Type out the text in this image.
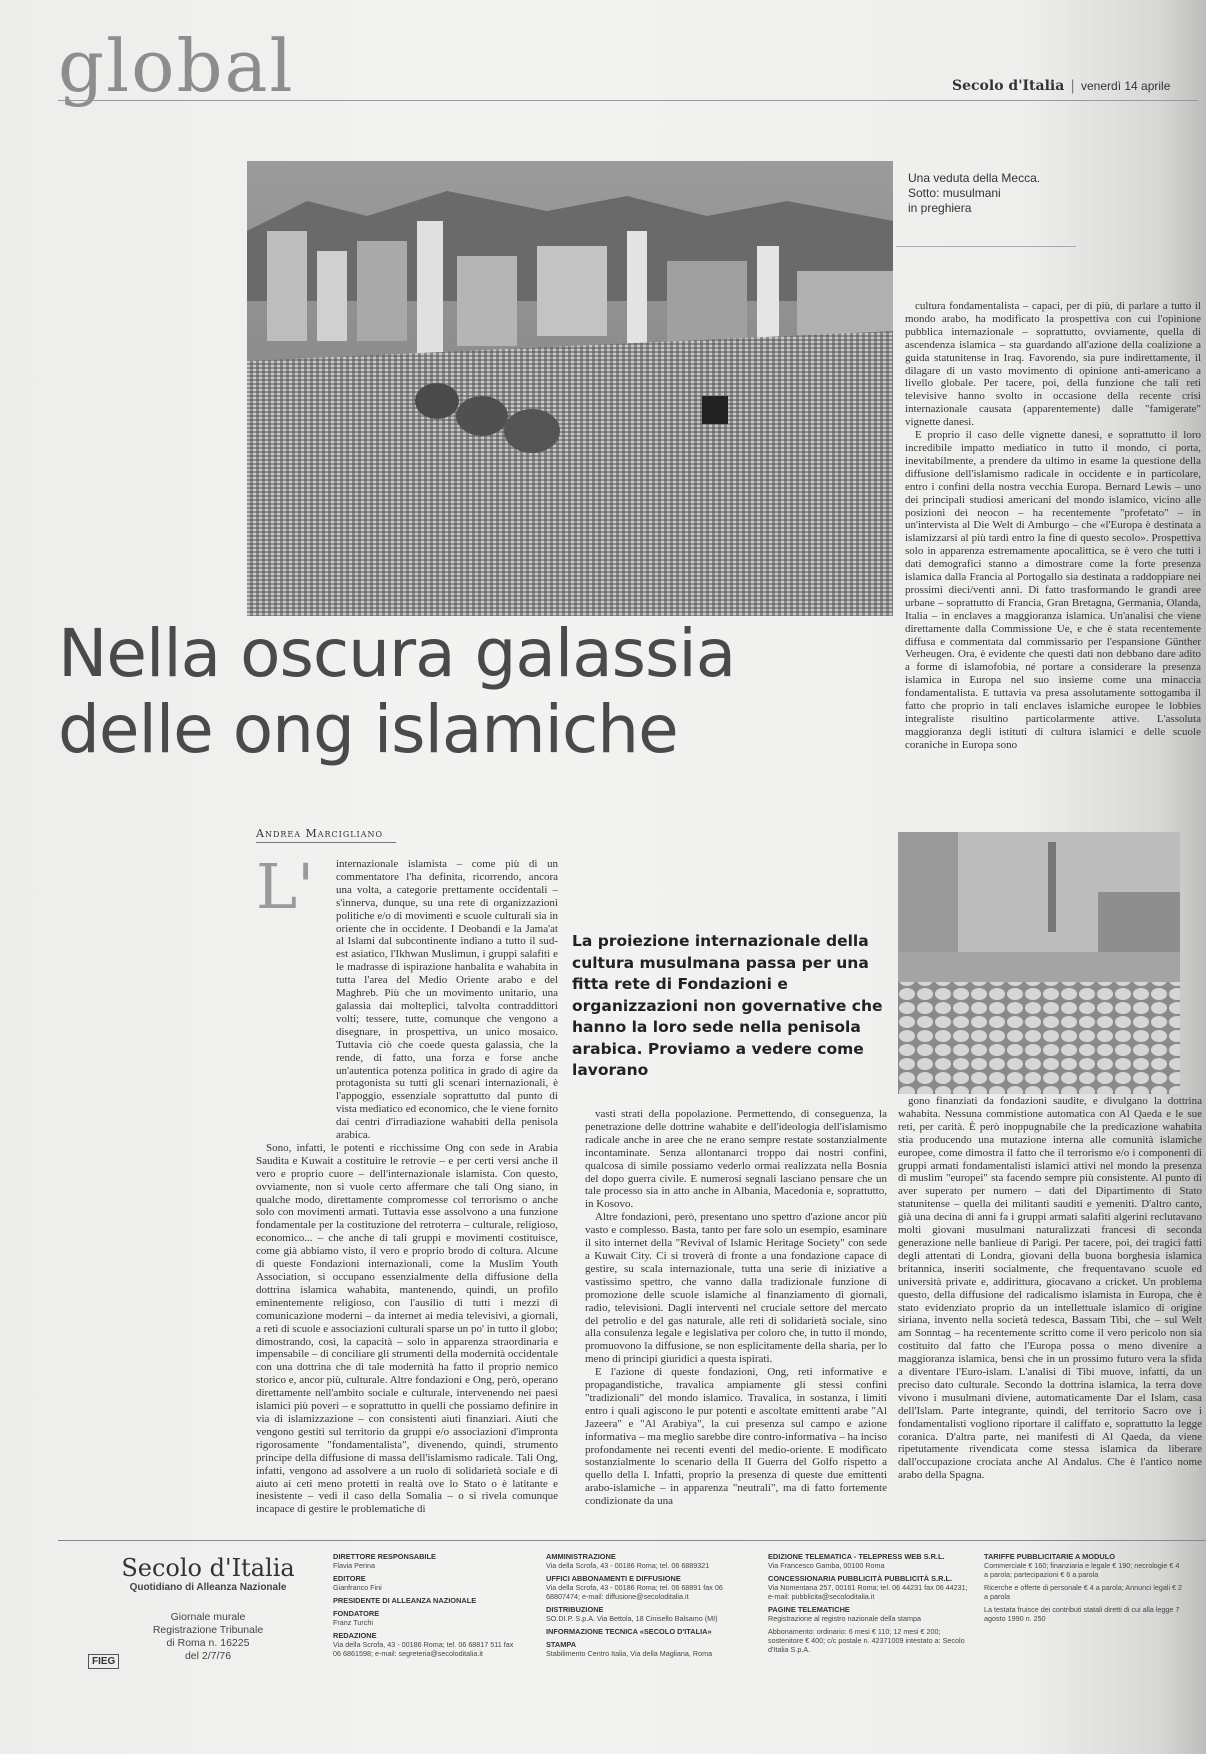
global	Secolo d'Italia | venerdì 14 aprile
Una veduta della Mecca.
Sotto: musulmani
in preghiera
Nella oscura galassia
delle ong islamiche
Andrea Marcigliano
L'	internazionale islamista – come più di un commentatore l'ha definita, ricorrendo, ancora una volta, a categorie prettamente occidentali – s'innerva, dunque, su una rete di organizzazioni politiche e/o di movimenti e scuole culturali sia in oriente che in occidente. I Deobandi e la Jama'at al Islami dal subcontinente indiano a tutto il sud-est asiatico, l'Ikhwan Muslimun, i gruppi salafiti e le madrasse di ispirazione hanbalita e wahabita in tutta l'area del Medio Oriente arabo e del Maghreb. Più che un movimento unitario, una galassia dai molteplici, talvolta contraddittori volti; tessere, tutte, comunque che vengono a disegnare, in prospettiva, un unico mosaico. Tuttavia ciò che coede questa galassia, che la rende, di fatto, una forza e forse anche un'autentica potenza politica in grado di agire da protagonista su tutti gli scenari internazionali, è l'appoggio, essenziale soprattutto dal punto di vista mediatico ed economico, che le viene fornito dai centri d'irradiazione wahabiti della penisola arabica.

Sono, infatti, le potenti e ricchissime Ong con sede in Arabia Saudita e Kuwait a costituire le retrovie – e per certi versi anche il vero e proprio cuore – dell'internazionale islamista. Con questo, ovviamente, non si vuole certo affermare che tali Ong siano, in qualche modo, direttamente compromesse col terrorismo o anche solo con movimenti armati. Tuttavia esse assolvono a una funzione fondamentale per la costituzione del retroterra – culturale, religioso, economico... – che anche di tali gruppi e movimenti costituisce, come già abbiamo visto, il vero e proprio brodo di coltura. Alcune di queste Fondazioni internazionali, come la Muslim Youth Association, si occupano essenzialmente della diffusione della dottrina islamica wahabita, mantenendo, quindi, un profilo eminentemente religioso, con l'ausilio di tutti i mezzi di comunicazione moderni – da internet ai media televisivi, a giornali, a reti di scuole e associazioni culturali sparse un po' in tutto il globo; dimostrando, così, la capacità – solo in apparenza straordinaria e impensabile – di conciliare gli strumenti della modernità occidentale con una dottrina che di tale modernità ha fatto il proprio nemico storico e, ancor più, culturale. Altre fondazioni e Ong, però, operano direttamente nell'ambito sociale e culturale, intervenendo nei paesi islamici più poveri – e soprattutto in quelli che possiamo definire in via di islamizzazione – con consistenti aiuti finanziari. Aiuti che vengono gestiti sul territorio da gruppi e/o associazioni d'impronta rigorosamente "fondamentalista", divenendo, quindi, strumento principe della diffusione di massa dell'islamismo radicale. Tali Ong, infatti, vengono ad assolvere a un ruolo di solidarietà sociale e di aiuto ai ceti meno protetti in realtà ove lo Stato o è latitante e inesistente – vedi il caso della Somalia – o si rivela comunque incapace di gestire le problematiche di

La proiezione internazionale della cultura musulmana passa per una fitta rete di Fondazioni e organizzazioni non governative che hanno la loro sede nella penisola arabica. Proviamo a vedere come lavorano

vasti strati della popolazione. Permettendo, di conseguenza, la penetrazione delle dottrine wahabite e dell'ideologia dell'islamismo radicale anche in aree che ne erano sempre restate sostanzialmente incontaminate. Senza allontanarci troppo dai nostri confini, qualcosa di simile possiamo vederlo ormai realizzata nella Bosnia del dopo guerra civile. E numerosi segnali lasciano pensare che un tale processo sia in atto anche in Albania, Macedonia e, soprattutto, in Kosovo.

Altre fondazioni, però, presentano uno spettro d'azione ancor più vasto e complesso. Basta, tanto per fare solo un esempio, esaminare il sito internet della "Revival of Islamic Heritage Society" con sede a Kuwait City. Ci si troverà di fronte a una fondazione capace di gestire, su scala internazionale, tutta una serie di iniziative a vastissimo spettro, che vanno dalla tradizionale funzione di promozione delle scuole islamiche al finanziamento di giornali, radio, televisioni. Dagli interventi nel cruciale settore del mercato del petrolio e del gas naturale, alle reti di solidarietà sociale, sino alla consulenza legale e legislativa per coloro che, in tutto il mondo, promuovono la diffusione, se non esplicitamente della sharia, per lo meno di principi giuridici a questa ispirati.

E l'azione di queste fondazioni, Ong, reti informative e propagandistiche, travalica ampiamente gli stessi confini "tradizionali" del mondo islamico. Travalica, in sostanza, i limiti entro i quali agiscono le pur potenti e ascoltate emittenti arabe "Al Jazeera" e "Al Arabiya", la cui presenza sul campo e azione informativa – ma meglio sarebbe dire contro-informativa – ha inciso profondamente nei recenti eventi del medio-oriente. E modificato sostanzialmente lo scenario della II Guerra del Golfo rispetto a quello della I. Infatti, proprio la presenza di queste due emittenti arabo-islamiche – in apparenza "neutrali", ma di fatto fortemente condizionate da una

cultura fondamentalista – capaci, per di più, di parlare a tutto il mondo arabo, ha modificato la prospettiva con cui l'opinione pubblica internazionale – soprattutto, ovviamente, quella di ascendenza islamica – sta guardando all'azione della coalizione a guida statunitense in Iraq. Favorendo, sia pure indirettamente, il dilagare di un vasto movimento di opinione anti-americano a livello globale. Per tacere, poi, della funzione che tali reti televisive hanno svolto in occasione della recente crisi internazionale causata (apparentemente) dalle "famigerate" vignette danesi.

E proprio il caso delle vignette danesi, e soprattutto il loro incredibile impatto mediatico in tutto il mondo, ci porta, inevitabilmente, a prendere da ultimo in esame la questione della diffusione dell'islamismo radicale in occidente e in particolare, entro i confini della nostra vecchia Europa. Bernard Lewis – uno dei principali studiosi americani del mondo islamico, vicino alle posizioni dei neocon – ha recentemente "profetato" – in un'intervista al Die Welt di Amburgo – che «l'Europa è destinata a islamizzarsi al più tardi entro la fine di questo secolo». Prospettiva solo in apparenza estremamente apocalittica, se è vero che tutti i dati demografici stanno a dimostrare come la forte presenza islamica dalla Francia al Portogallo sia destinata a raddoppiare nei prossimi dieci/venti anni. Di fatto trasformando le grandi aree urbane – soprattutto di Francia, Gran Bretagna, Germania, Olanda, Italia – in enclaves a maggioranza islamica. Un'analisi che viene direttamente dalla Commissione Ue, e che è stata recentemente diffusa e commentata dal commissario per l'espansione Günther Verheugen. Ora, è evidente che questi dati non debbano dare adito a forme di islamofobia, né portare a considerare la presenza islamica in Europa nel suo insieme come una minaccia fondamentalista. E tuttavia va presa assolutamente sottogamba il fatto che proprio in tali enclaves islamiche europee le lobbies integraliste risultino particolarmente attive. L'assoluta maggioranza degli istituti di cultura islamici e delle scuole coraniche in Europa sono

gono finanziati da fondazioni saudite, e divulgano la dottrina wahabita. Nessuna commistione automatica con Al Qaeda e le sue reti, per carità. È però inoppugnabile che la predicazione wahabita stia producendo una mutazione interna alle comunità islamiche europee, come dimostra il fatto che il terrorismo e/o i componenti di gruppi armati fondamentalisti islamici attivi nel mondo la presenza di muslim "europei" sta facendo sempre più consistente. Al punto di aver superato per numero – dati del Dipartimento di Stato statunitense – quella dei militanti sauditi e yemeniti. D'altro canto, già una decina di anni fa i gruppi armati salafiti algerini reclutavano molti giovani musulmani naturalizzati francesi di seconda generazione nelle banlieue di Parigi. Per tacere, poi, dei tragici fatti degli attentati di Londra, giovani della buona borghesia islamica britannica, inseriti socialmente, che frequentavano scuole ed università private e, addirittura, giocavano a cricket. Un problema questo, della diffusione del radicalismo islamista in Europa, che è stato evidenziato proprio da un intellettuale islamico di origine siriana, invento nella società tedesca, Bassam Tibi, che – sul Welt am Sonntag – ha recentemente scritto come il vero pericolo non sia costituito dal fatto che l'Europa possa o meno divenire a maggioranza islamica, bensì che in un prossimo futuro vera la sfida a diventare l'Euro-islam. L'analisi di Tibi muove, infatti, da un preciso dato culturale. Secondo la dottrina islamica, la terra dove vivono i musulmani diviene, automaticamente Dar el Islam, casa dell'Islam. Parte integrante, quindi, del territorio Sacro ove i fondamentalisti vogliono riportare il califfato e, soprattutto la legge coranica. D'altra parte, nei manifesti di Al Qaeda, da viene ripetutamente rivendicata come stessa islamica da liberare dall'occupazione crociata anche Al Andalus. Che è l'antico nome arabo della Spagna.

Secolo d'Italia
Quotidiano di Alleanza Nazionale
Giornale murale
Registrazione Tribunale
di Roma n. 16225
del 2/7/76
FIEG
DIRETTORE RESPONSABILE
Flavia Perina
EDITORE
Gianfranco Fini
PRESIDENTE DI ALLEANZA NAZIONALE
FONDATORE
Franz Turchi
REDAZIONE
Via della Scrofa, 43 - 00186 Roma; tel. 06 68817 511 fax 06 6861598; e-mail: segreteria@secoloditalia.it
AMMINISTRAZIONE
Via della Scrofa, 43 - 00186 Roma; tel. 06 6889321
UFFICI ABBONAMENTI E DIFFUSIONE
Via della Scrofa, 43 - 00186 Roma; tel. 06 68891 fax 06 68807474; e-mail: diffusione@secoloditalia.it
DISTRIBUZIONE
SO.DI.P. S.p.A. Via Bettola, 18 Cinisello Balsamo (MI)
INFORMAZIONE TECNICA «SECOLO D'ITALIA»
STAMPA
Stabilimento Centro Italia, Via della Magliana, Roma
EDIZIONE TELEMATICA - TELEPRESS WEB S.R.L.
Via Francesco Gamba, 00100 Roma
CONCESSIONARIA PUBBLICITÀ PUBBLICITÀ S.R.L.
Via Nomentana 257, 00161 Roma; tel. 06 44231 fax 06 44231; e-mail: pubblicita@secoloditalia.it
PAGINE TELEMATICHE
Registrazione al registro nazionale della stampa
Abbonamento: ordinario: 6 mesi € 110; 12 mesi € 200; sostenitore € 400; c/c postale n. 42371009 intestato a: Secolo d'Italia S.p.A.
TARIFFE PUBBLICITARIE A MODULO
Commerciale € 160; finanziaria e legale € 190; necrologie € 4 a parola; partecipazioni € 6 a parola
Ricerche e offerte di personale € 4 a parola; Annunci legali € 2 a parola
La testata fruisce dei contributi statali diretti di cui alla legge 7 agosto 1990 n. 250
